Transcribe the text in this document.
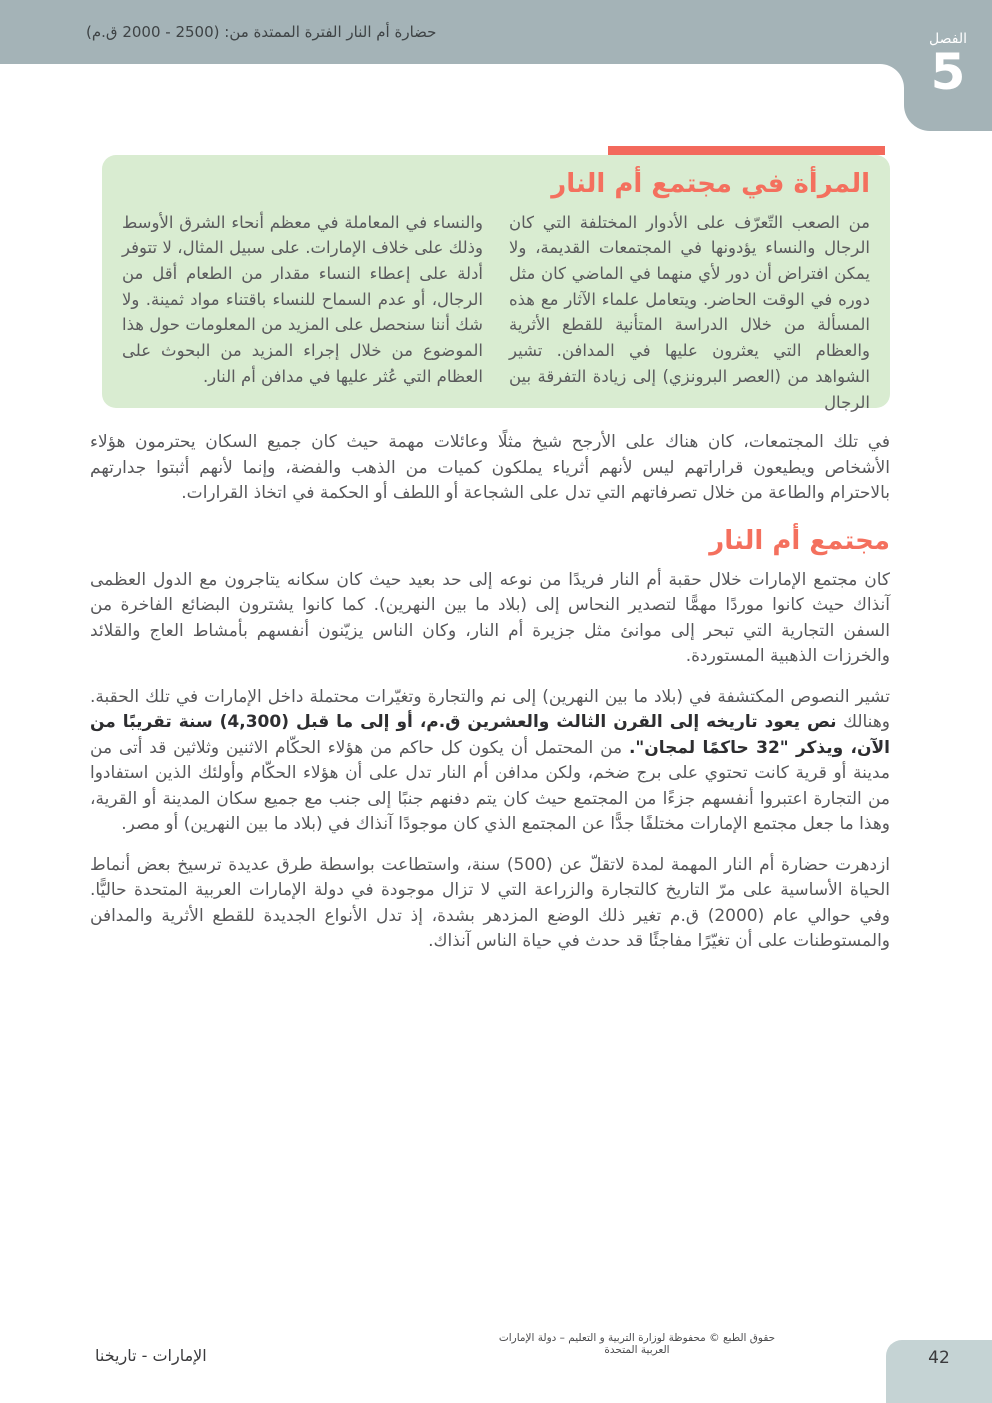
حضارة أم النار الفترة الممتدة من: (2500 - 2000 ق.م)	الفصل
5
المرأة في مجتمع أم النار
من الصعب التّعرّف على الأدوار المختلفة التي كان الرجال والنساء يؤدونها في المجتمعات القديمة، ولا يمكن افتراض أن دور لأي منهما في الماضي كان مثل دوره في الوقت الحاضر. ويتعامل علماء الآثار مع هذه المسألة من خلال الدراسة المتأنية للقطع الأثرية والعظام التي يعثرون عليها في المدافن. تشير الشواهد من (العصر البرونزي) إلى زيادة التفرقة بين الرجال
والنساء في المعاملة في معظم أنحاء الشرق الأوسط وذلك على خلاف الإمارات. على سبيل المثال، لا تتوفر أدلة على إعطاء النساء مقدار من الطعام أقل من الرجال، أو عدم السماح للنساء باقتناء مواد ثمينة. ولا شك أننا سنحصل على المزيد من المعلومات حول هذا الموضوع من خلال إجراء المزيد من البحوث على العظام التي عُثر عليها في مدافن أم النار.

في تلك المجتمعات، كان هناك على الأرجح شيخ مثلًا وعائلات مهمة حيث كان جميع السكان يحترمون هؤلاء الأشخاص ويطيعون قراراتهم ليس لأنهم أثرياء يملكون كميات من الذهب والفضة، وإنما لأنهم أثبتوا جدارتهم بالاحترام والطاعة من خلال تصرفاتهم التي تدل على الشجاعة أو اللطف أو الحكمة في اتخاذ القرارات.

مجتمع أم النار

كان مجتمع الإمارات خلال حقبة أم النار فريدًا من نوعه إلى حد بعيد حيث كان سكانه يتاجرون مع الدول العظمى آنذاك حيث كانوا موردًا مهمًّا لتصدير النحاس إلى (بلاد ما بين النهرين). كما كانوا يشترون البضائع الفاخرة من السفن التجارية التي تبحر إلى موانئ مثل جزيرة أم النار، وكان الناس يزيّنون أنفسهم بأمشاط العاج والقلائد والخرزات الذهبية المستوردة.

تشير النصوص المكتشفة في (بلاد ما بين النهرين) إلى نم والتجارة وتغيّرات محتملة داخل الإمارات في تلك الحقبة. وهنالك نص يعود تاريخه إلى القرن الثالث والعشرين ق.م، أو إلى ما قبل (4,300) سنة تقريبًا من الآن، ويذكر "32 حاكمًا لمجان". من المحتمل أن يكون كل حاكم من هؤلاء الحكّام الاثنين وثلاثين قد أتى من مدينة أو قرية كانت تحتوي على برج ضخم، ولكن مدافن أم النار تدل على أن هؤلاء الحكّام وأولئك الذين استفادوا من التجارة اعتبروا أنفسهم جزءًا من المجتمع حيث كان يتم دفنهم جنبًا إلى جنب مع جميع سكان المدينة أو القرية، وهذا ما جعل مجتمع الإمارات مختلفًا جدًّا عن المجتمع الذي كان موجودًا آنذاك في (بلاد ما بين النهرين) أو مصر.

ازدهرت حضارة أم النار المهمة لمدة لاتقلّ عن (500) سنة، واستطاعت بواسطة طرق عديدة ترسيخ بعض أنماط الحياة الأساسية على مرّ التاريخ كالتجارة والزراعة التي لا تزال موجودة في دولة الإمارات العربية المتحدة حاليًّا. وفي حوالي عام (2000) ق.م تغير ذلك الوضع المزدهر بشدة، إذ تدل الأنواع الجديدة للقطع الأثرية والمدافن والمستوطنات على أن تغيّرًا مفاجئًا قد حدث في حياة الناس آنذاك.

حقوق الطبع © محفوظة لوزارة التربية و التعليم – دولة الإمارات العربية المتحدة
الإمارات - تاريخنا	42
